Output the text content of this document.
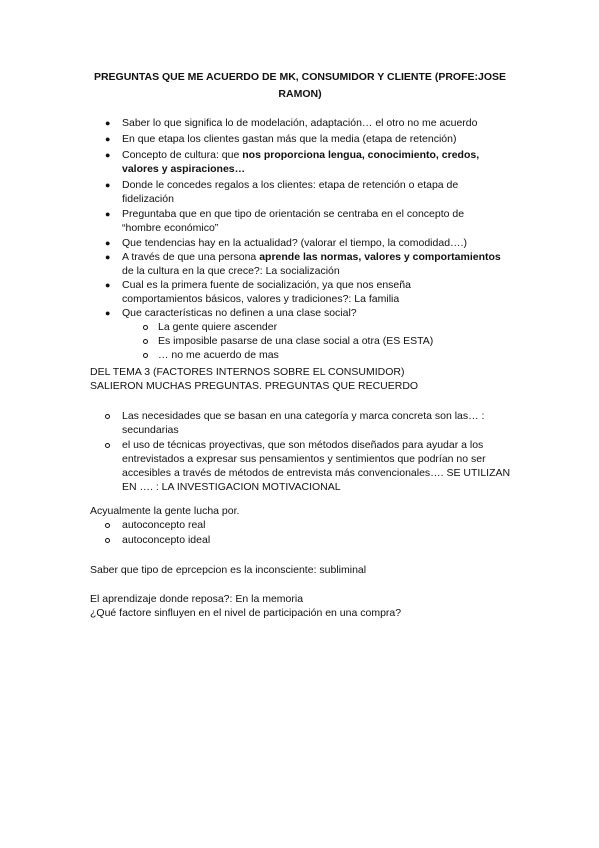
PREGUNTAS QUE ME ACUERDO DE MK, CONSUMIDOR Y CLIENTE (PROFE:JOSE RAMON)
● Saber lo que significa lo de modelación, adaptación… el otro no me acuerdo
● En que etapa los clientes gastan más que la media (etapa de retención)
● Concepto de cultura: que nos proporciona lengua, conocimiento, credos, valores y aspiraciones…
● Donde le concedes regalos a los clientes: etapa de retención o etapa de fidelización
● Preguntaba que en que tipo de orientación se centraba en el concepto de “hombre económico”
● Que tendencias hay en la actualidad? (valorar el tiempo, la comodidad….)
● A través de que una persona aprende las normas, valores y comportamientos de la cultura en la que crece?: La socialización
● Cual es la primera fuente de socialización, ya que nos enseña comportamientos básicos, valores y tradiciones?: La familia
● Que características no definen a una clase social?
La gente quiere ascender
Es imposible pasarse de una clase social a otra (ES ESTA)
… no me acuerdo de mas
DEL TEMA 3 (FACTORES INTERNOS SOBRE EL CONSUMIDOR) SALIERON MUCHAS PREGUNTAS. PREGUNTAS QUE RECUERDO
Las necesidades que se basan en una categoría y marca concreta son las… : secundarias
el uso de técnicas proyectivas, que son métodos diseñados para ayudar a los entrevistados a expresar sus pensamientos y sentimientos que podrían no ser accesibles a través de métodos de entrevista más convencionales…. SE UTILIZAN EN …. : LA INVESTIGACION MOTIVACIONAL
Acyualmente la gente lucha por.
autoconcepto real
autoconcepto ideal
Saber que tipo de eprcepcion es la inconsciente: subliminal
El aprendizaje donde reposa?: En la memoria
¿Qué factore sinfluyen en el nivel de participación en una compra?
